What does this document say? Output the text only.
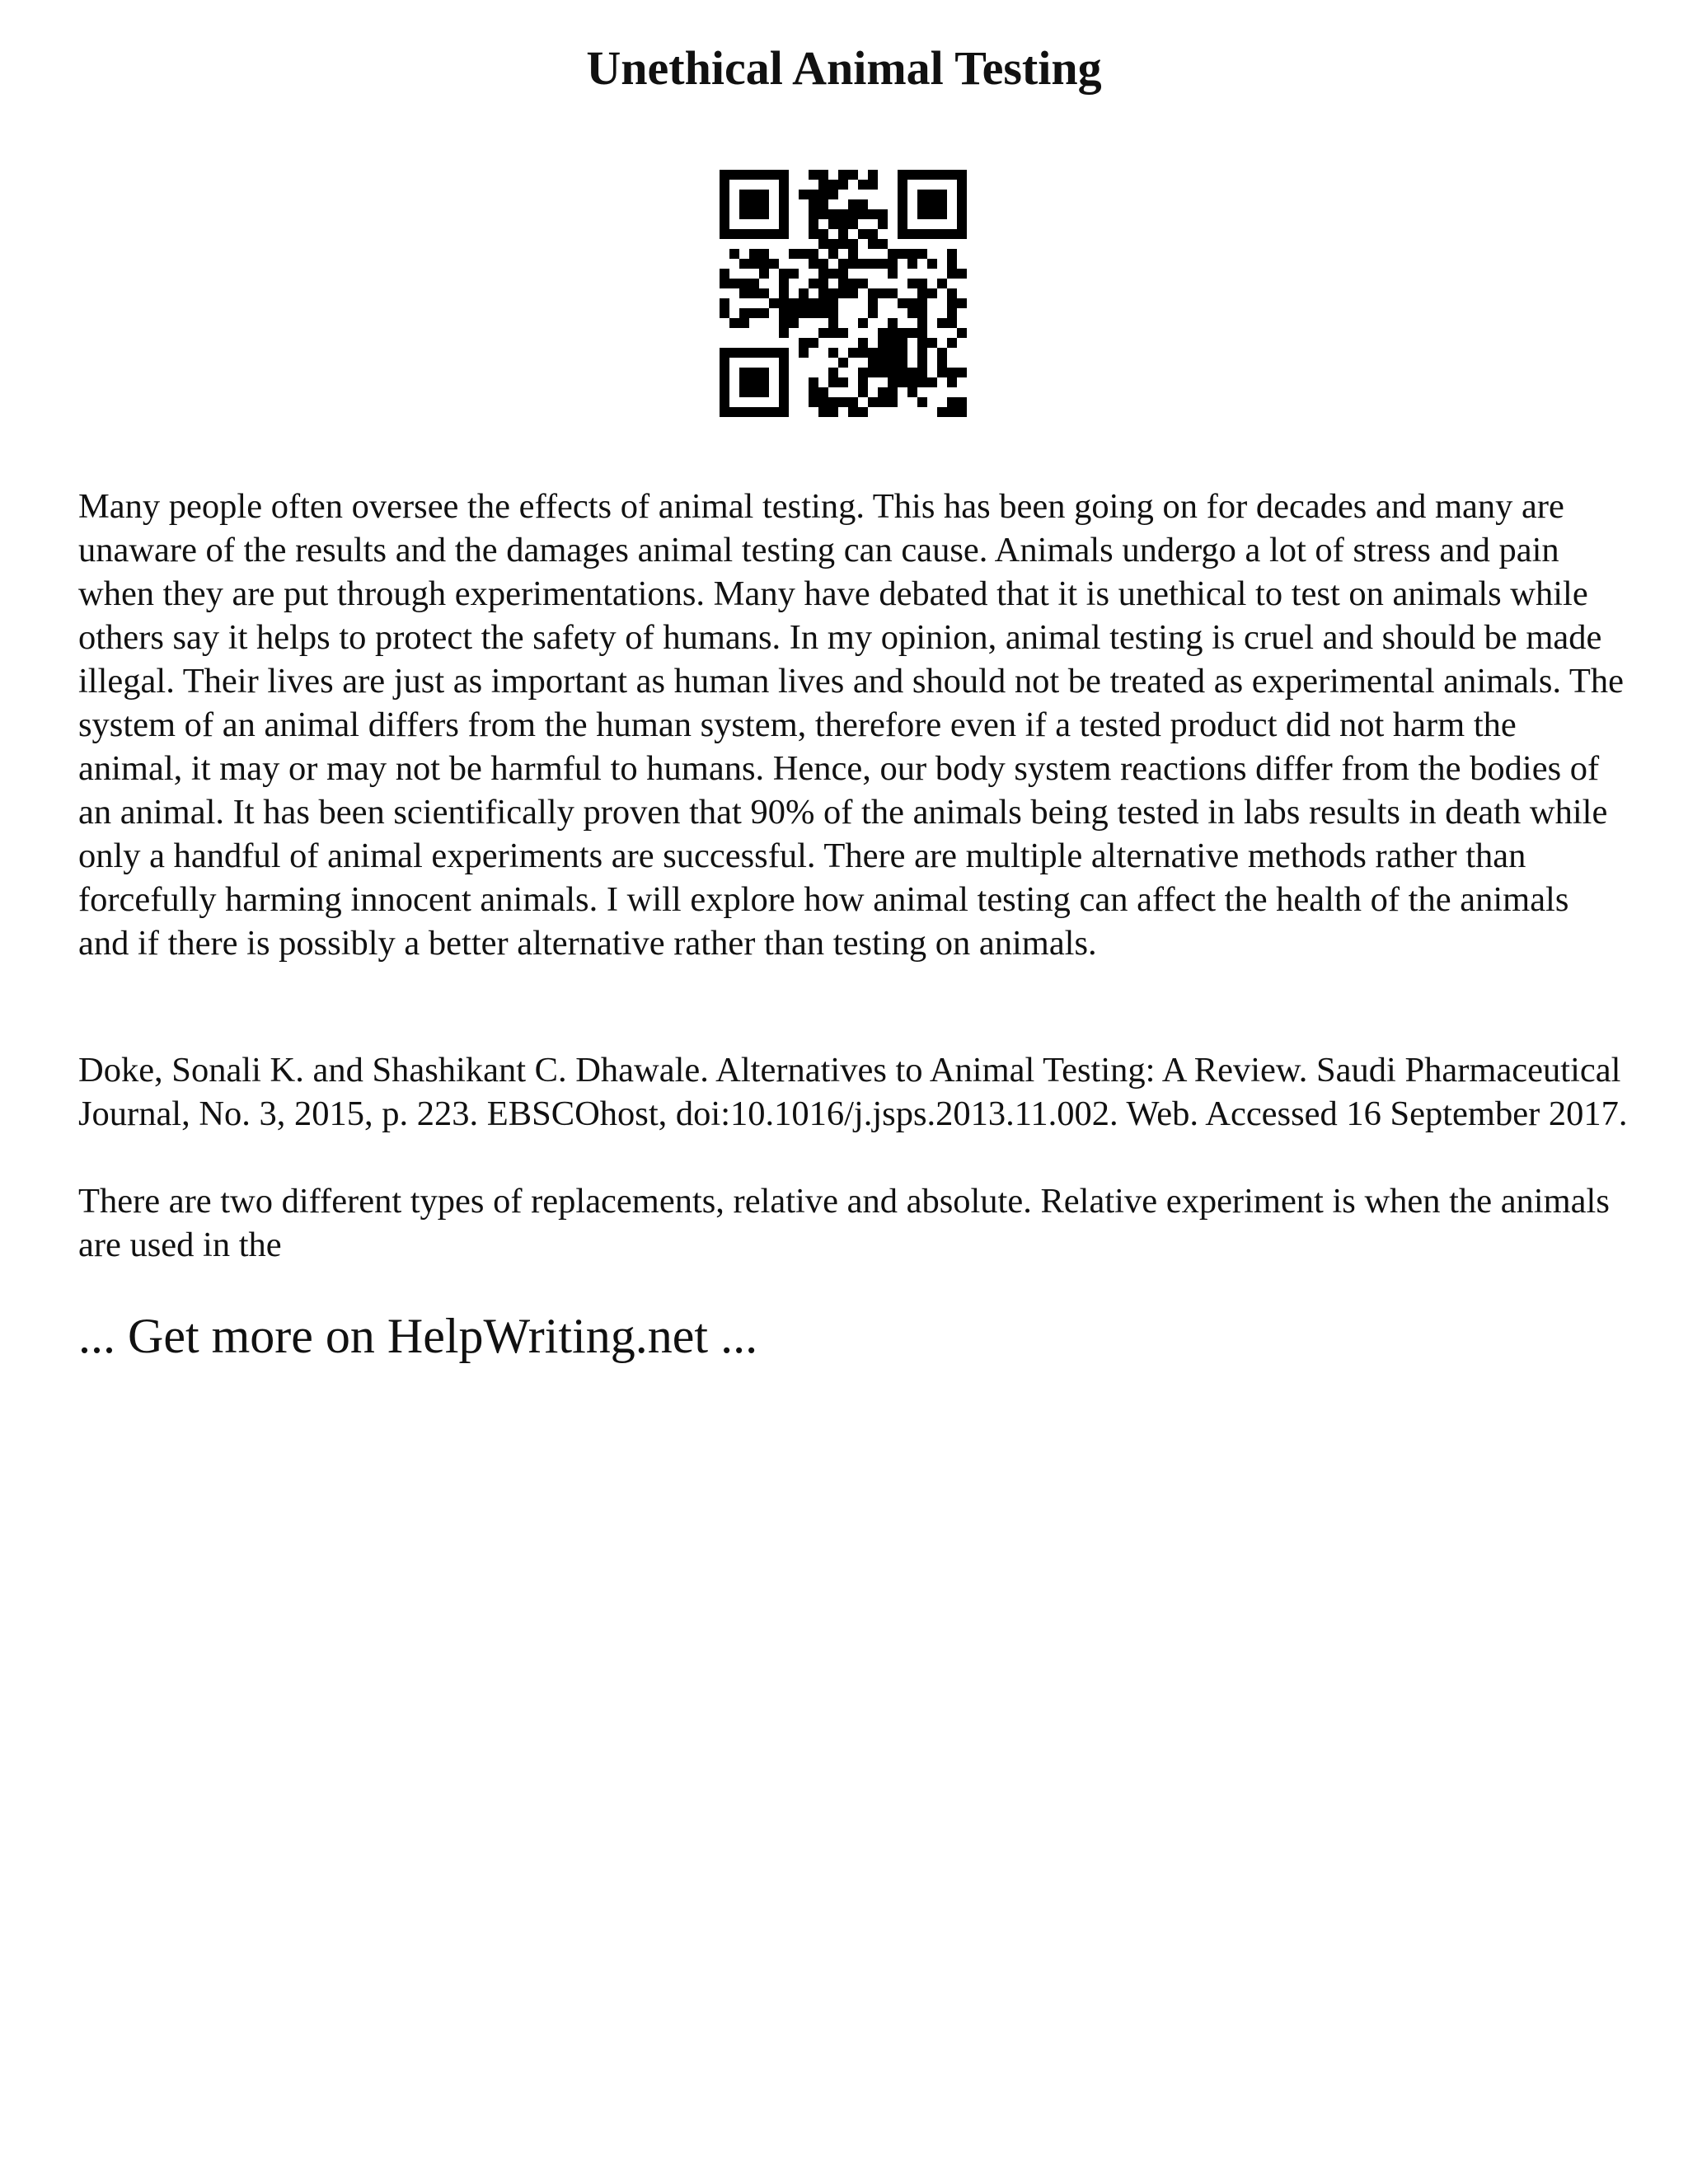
Unethical Animal Testing

Many people often oversee the effects of animal testing. This has been going on for decades and many are unaware of the results and the damages animal testing can cause. Animals undergo a lot of stress and pain when they are put through experimentations. Many have debated that it is unethical to test on animals while others say it helps to protect the safety of humans. In my opinion, animal testing is cruel and should be made illegal. Their lives are just as important as human lives and should not be treated as experimental animals. The system of an animal differs from the human system, therefore even if a tested product did not harm the animal, it may or may not be harmful to humans. Hence, our body system reactions differ from the bodies of an animal. It has been scientifically proven that 90% of the animals being tested in labs results in death while only a handful of animal experiments are successful. There are multiple alternative methods rather than forcefully harming innocent animals. I will explore how animal testing can affect the health of the animals and if there is possibly a better alternative rather than testing on animals.

Doke, Sonali K. and Shashikant C. Dhawale. Alternatives to Animal Testing: A Review. Saudi Pharmaceutical Journal, No. 3, 2015, p. 223. EBSCOhost, doi:10.1016/j.jsps.2013.11.002. Web. Accessed 16 September 2017.

There are two different types of replacements, relative and absolute. Relative experiment is when the animals are used in the

... Get more on HelpWriting.net ...
